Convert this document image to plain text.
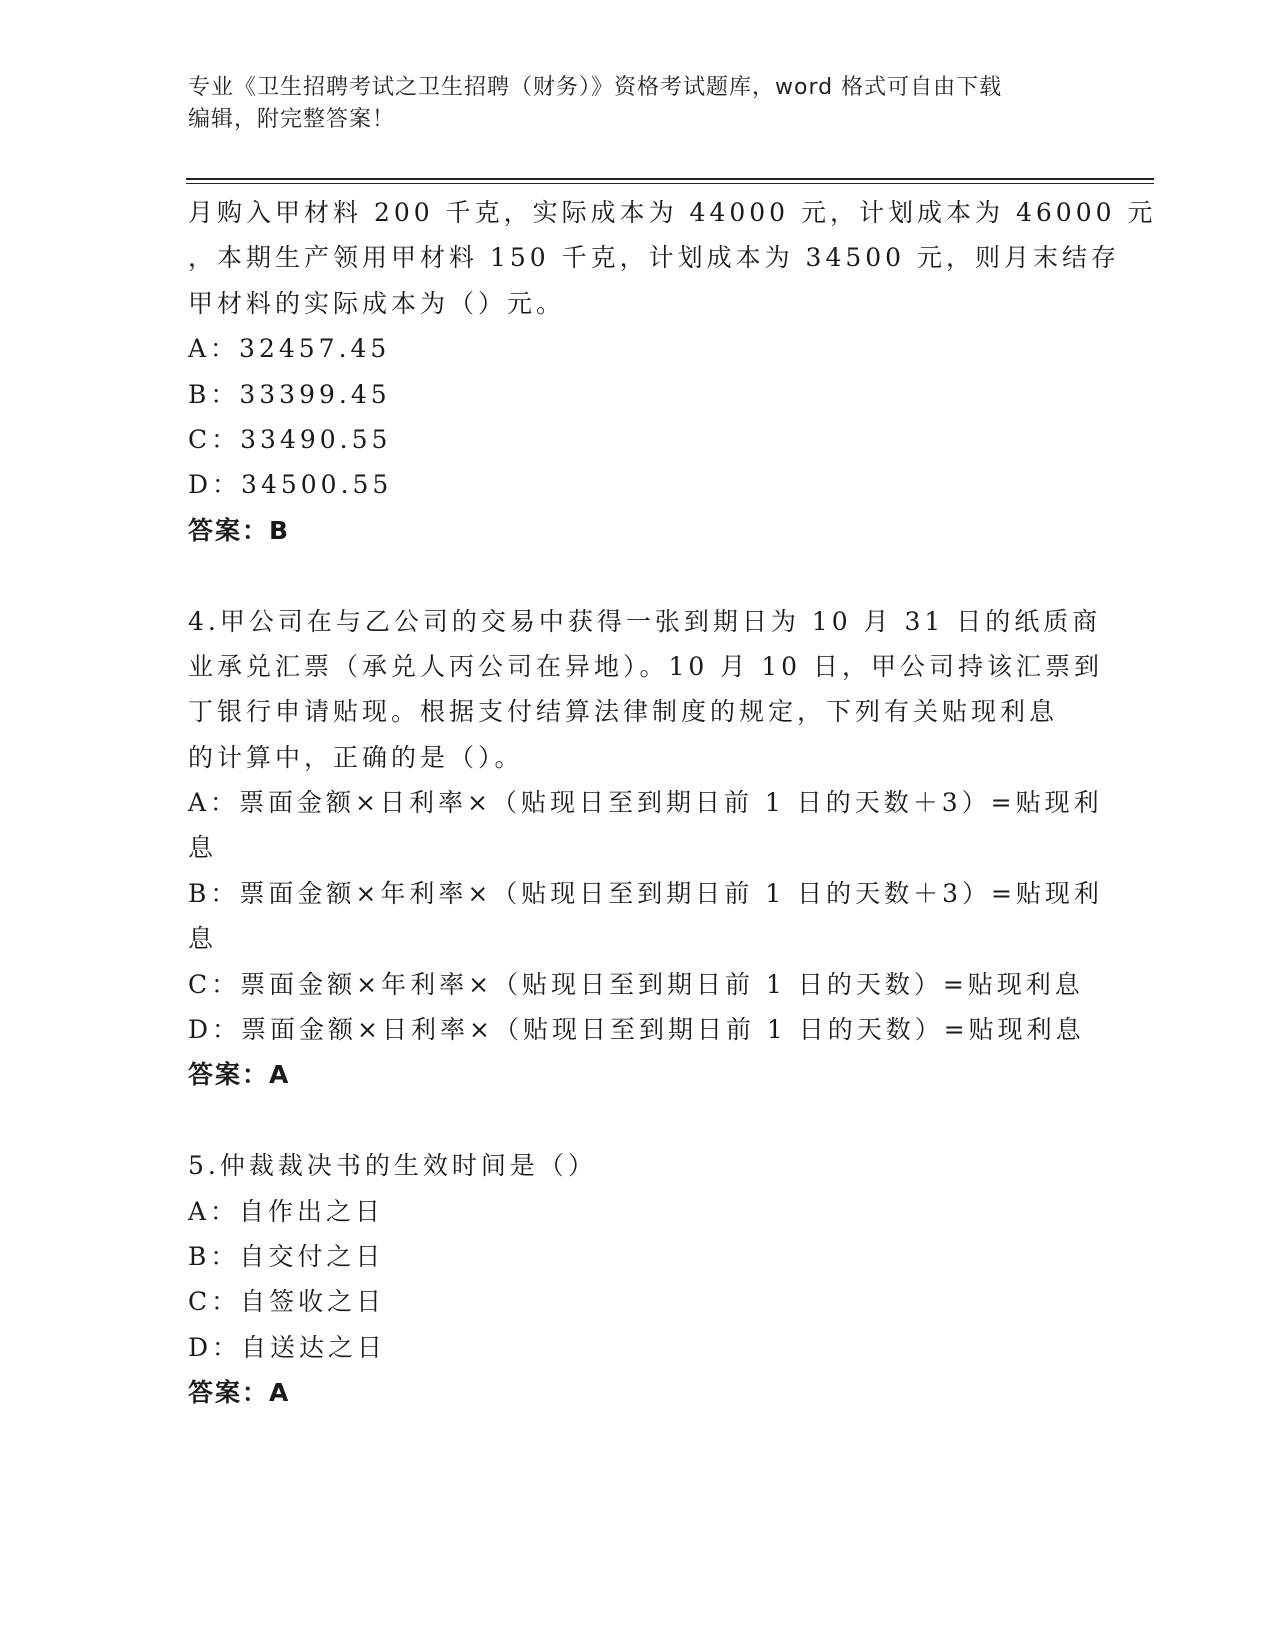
专业《卫生招聘考试之卫生招聘（财务）》资格考试题库，word 格式可自由下载
编辑，附完整答案！
月购入甲材料 200 千克，实际成本为 44000 元，计划成本为 46000 元
，本期生产领用甲材料 150 千克，计划成本为 34500 元，则月末结存
甲材料的实际成本为（）元。
A：32457.45
B：33399.45
C：33490.55
D：34500.55
答案：B
4.甲公司在与乙公司的交易中获得一张到期日为 10 月 31 日的纸质商
业承兑汇票（承兑人丙公司在异地）。10 月 10 日，甲公司持该汇票到
丁银行申请贴现。根据支付结算法律制度的规定，下列有关贴现利息
的计算中，正确的是（）。
A：票面金额×日利率×（贴现日至到期日前 1 日的天数＋3）=贴现利
息
B：票面金额×年利率×（贴现日至到期日前 1 日的天数＋3）=贴现利
息
C：票面金额×年利率×（贴现日至到期日前 1 日的天数）=贴现利息
D：票面金额×日利率×（贴现日至到期日前 1 日的天数）=贴现利息
答案：A
5.仲裁裁决书的生效时间是（）
A：自作出之日
B：自交付之日
C：自签收之日
D：自送达之日
答案：A
